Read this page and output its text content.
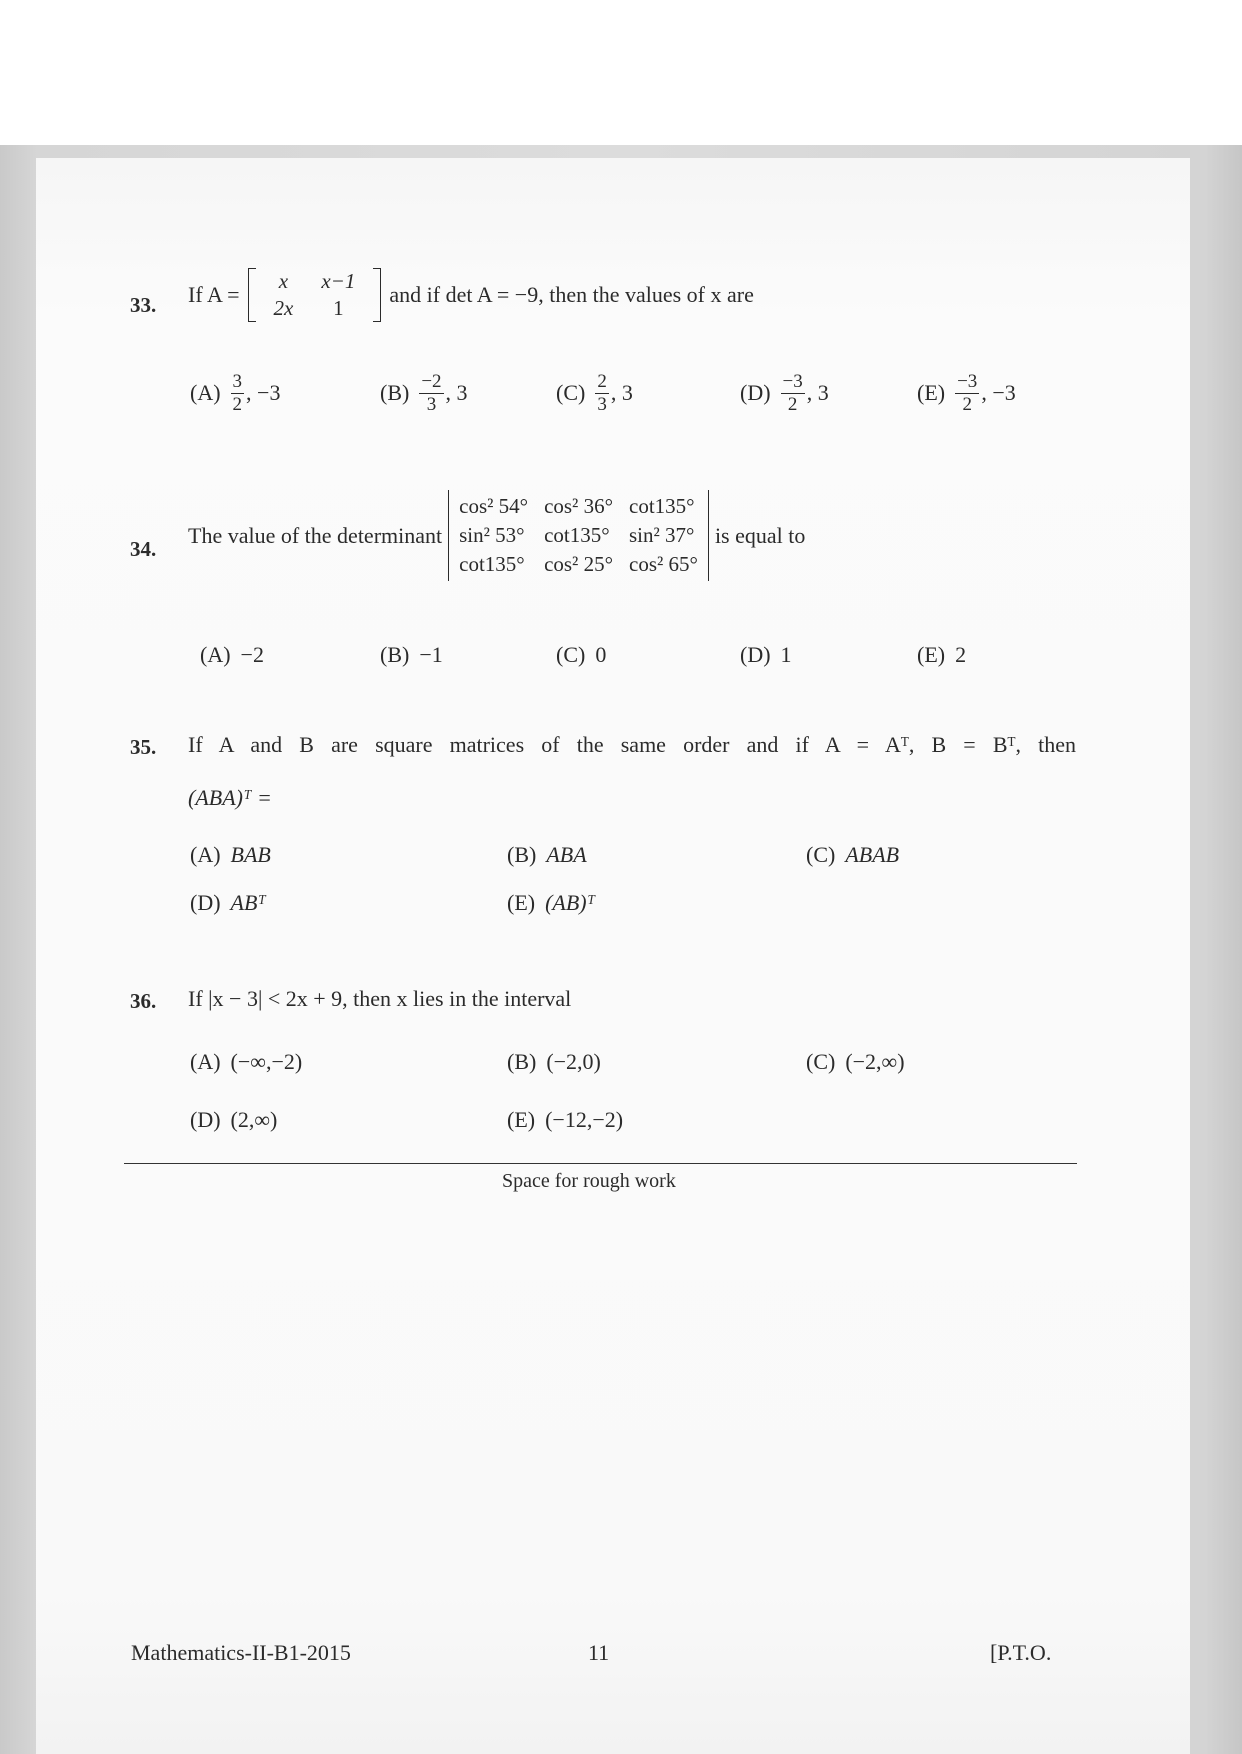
33. If A =
x	x−1
2x	1
and if det A = −9, then the values of x are
$(A) \frac{3}{2}$ , −3	$(B) \frac{-2}{3}$ , 3	$(C) \frac{2}{3}$ , 3	$(D) \frac{-3}{2}$ , 3	$(E) \frac{-3}{2}$ , −3
34.
The value of the determinant
cos² 54°	cos² 36°	cot135°
sin² 53°	cot135°	sin² 37°
cot135°	cos² 25°	cos² 65°
is equal to
(A) −2	(B) −1	(C) 0	(D) 1	(E) 2
35. If A and B are square matrices of the same order and if A = Aᵀ, B = Bᵀ, then
(ABA)ᵀ =
(A) BAB	(B) ABA	(C) ABAB
(D) ABᵀ	(E) (AB)ᵀ
36. If |x − 3| < 2x + 9, then x lies in the interval
(A) (−∞,−2)	(B) (−2,0)	(C) (−2,∞)
(D) (2,∞)	(E) (−12,−2)
Space for rough work
Mathematics-II-B1-2015	11	[P.T.O.
